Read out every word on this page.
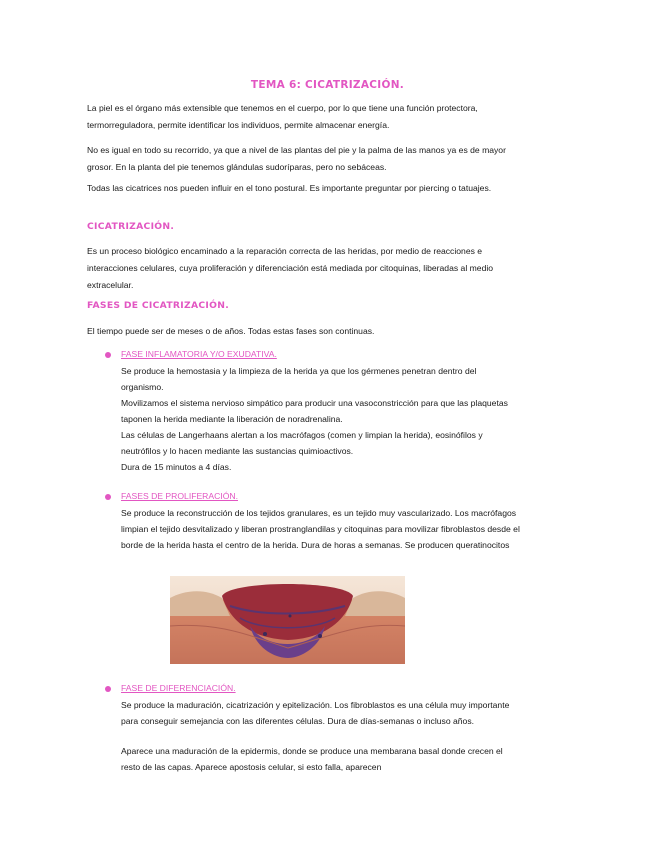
TEMA 6: CICATRIZACIÓN.

La piel es el órgano más extensible que tenemos en el cuerpo, por lo que tiene una función protectora, termorreguladora, permite identificar los individuos, permite almacenar energía.

No es igual en todo su recorrido, ya que a nivel de las plantas del pie y la palma de las manos ya es de mayor grosor. En la planta del pie tenemos glándulas sudoríparas, pero no sebáceas.

Todas las cicatrices nos pueden influir en el tono postural. Es importante preguntar por piercing o tatuajes.

CICATRIZACIÓN.

Es un proceso biológico encaminado a la reparación correcta de las heridas, por medio de reacciones e interacciones celulares, cuya proliferación y diferenciación está mediada por citoquinas, liberadas al medio extracelular.

FASES DE CICATRIZACIÓN.

El tiempo puede ser de meses o de años. Todas estas fases son continuas.

FASE INFLAMATORIA Y/O EXUDATIVA.

Se produce la hemostasia y la limpieza de la herida ya que los gérmenes penetran dentro del organismo.

Movilizamos el sistema nervioso simpático para producir una vasoconstricción para que las plaquetas taponen la herida mediante la liberación de noradrenalina.

Las células de Langerhaans alertan a los macrófagos (comen y limpian la herida), eosinófilos y neutrófilos y lo hacen mediante las sustancias quimioactivos.

Dura de 15 minutos a 4 días.

FASES DE PROLIFERACIÓN.

Se produce la reconstrucción de los tejidos granulares, es un tejido muy vascularizado. Los macrófagos limpian el tejido desvitalizado y liberan prostranglandilas y citoquinas para movilizar fibroblastos desde el borde de la herida hasta el centro de la herida. Dura de horas a semanas. Se producen queratinocitos

FASE DE DIFERENCIACIÓN.

Se produce la maduración, cicatrización y epitelización. Los fibroblastos es una célula muy importante para conseguir semejancia con las diferentes células. Dura de días-semanas o incluso años.

Aparece una maduración de la epidermis, donde se produce una membarana basal donde crecen el resto de las capas. Aparece apostosis celular, si esto falla, aparecen
